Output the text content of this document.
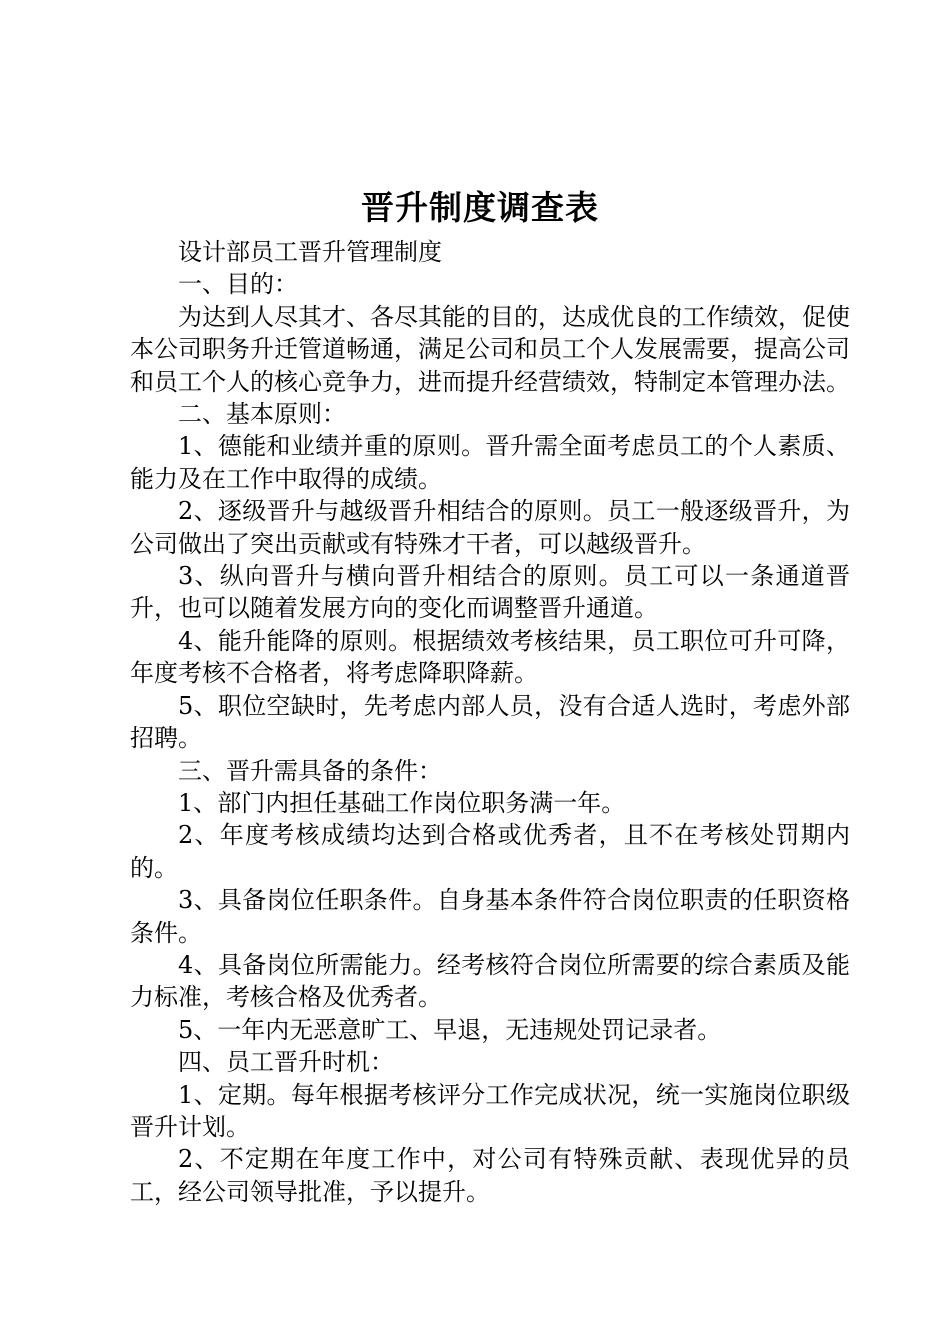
晋升制度调查表

设计部员工晋升管理制度

一、目的：

为达到人尽其才、各尽其能的目的，达成优良的工作绩效，促使本公司职务升迁管道畅通，满足公司和员工个人发展需要，提高公司和员工个人的核心竞争力，进而提升经营绩效，特制定本管理办法。

二、基本原则：

1、德能和业绩并重的原则。晋升需全面考虑员工的个人素质、能力及在工作中取得的成绩。

2、逐级晋升与越级晋升相结合的原则。员工一般逐级晋升，为公司做出了突出贡献或有特殊才干者，可以越级晋升。

3、纵向晋升与横向晋升相结合的原则。员工可以一条通道晋升，也可以随着发展方向的变化而调整晋升通道。

4、能升能降的原则。根据绩效考核结果，员工职位可升可降，年度考核不合格者，将考虑降职降薪。

5、职位空缺时，先考虑内部人员，没有合适人选时，考虑外部招聘。

三、晋升需具备的条件：

1、部门内担任基础工作岗位职务满一年。

2、年度考核成绩均达到合格或优秀者，且不在考核处罚期内的。

3、具备岗位任职条件。自身基本条件符合岗位职责的任职资格条件。

4、具备岗位所需能力。经考核符合岗位所需要的综合素质及能力标准，考核合格及优秀者。

5、一年内无恶意旷工、早退，无违规处罚记录者。

四、员工晋升时机：

1、定期。每年根据考核评分工作完成状况，统一实施岗位职级晋升计划。

2、不定期在年度工作中，对公司有特殊贡献、表现优异的员工，经公司领导批准，予以提升。
